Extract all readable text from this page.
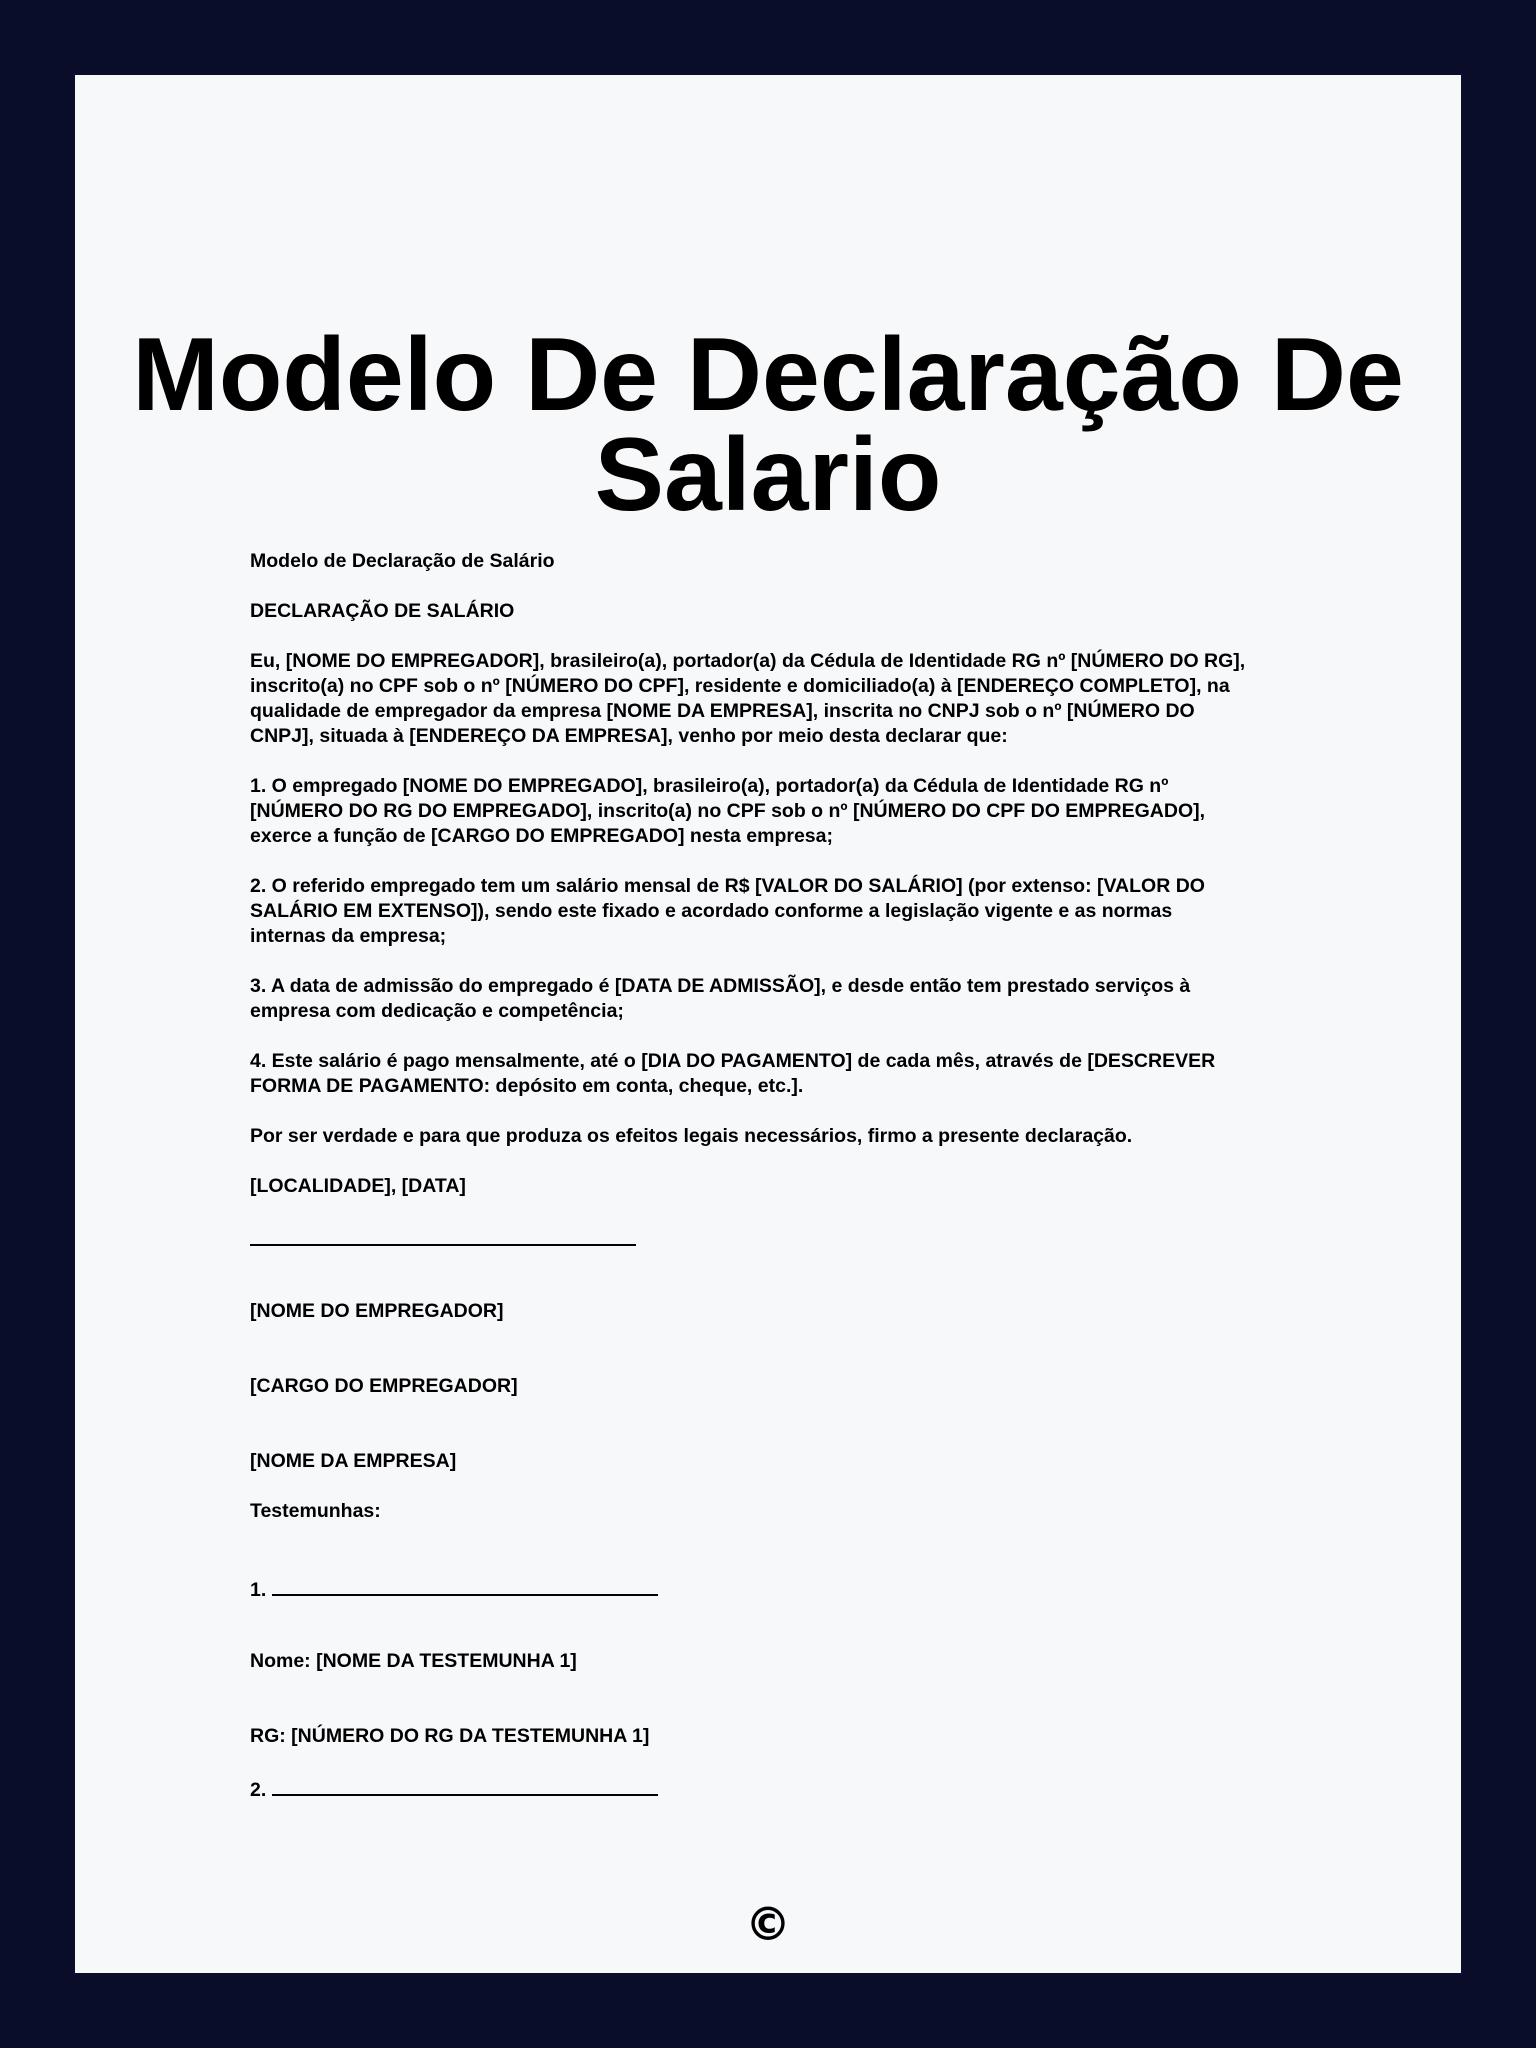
Modelo De Declaração De
Salario

Modelo de Declaração de Salário

DECLARAÇÃO DE SALÁRIO

Eu, [NOME DO EMPREGADOR], brasileiro(a), portador(a) da Cédula de Identidade RG nº [NÚMERO DO RG],

inscrito(a) no CPF sob o nº [NÚMERO DO CPF], residente e domiciliado(a) à [ENDEREÇO COMPLETO], na

qualidade de empregador da empresa [NOME DA EMPRESA], inscrita no CNPJ sob o nº [NÚMERO DO

CNPJ], situada à [ENDEREÇO DA EMPRESA], venho por meio desta declarar que:

1. O empregado [NOME DO EMPREGADO], brasileiro(a), portador(a) da Cédula de Identidade RG nº

[NÚMERO DO RG DO EMPREGADO], inscrito(a) no CPF sob o nº [NÚMERO DO CPF DO EMPREGADO],

exerce a função de [CARGO DO EMPREGADO] nesta empresa;

2. O referido empregado tem um salário mensal de R$ [VALOR DO SALÁRIO] (por extenso: [VALOR DO

SALÁRIO EM EXTENSO]), sendo este fixado e acordado conforme a legislação vigente e as normas

internas da empresa;

3. A data de admissão do empregado é [DATA DE ADMISSÃO], e desde então tem prestado serviços à

empresa com dedicação e competência;

4. Este salário é pago mensalmente, até o [DIA DO PAGAMENTO] de cada mês, através de [DESCREVER

FORMA DE PAGAMENTO: depósito em conta, cheque, etc.].

Por ser verdade e para que produza os efeitos legais necessários, firmo a presente declaração.

[LOCALIDADE], [DATA]

[NOME DO EMPREGADOR]

[CARGO DO EMPREGADOR]

[NOME DA EMPRESA]

Testemunhas:

1.

Nome: [NOME DA TESTEMUNHA 1]

RG: [NÚMERO DO RG DA TESTEMUNHA 1]

2.

©
